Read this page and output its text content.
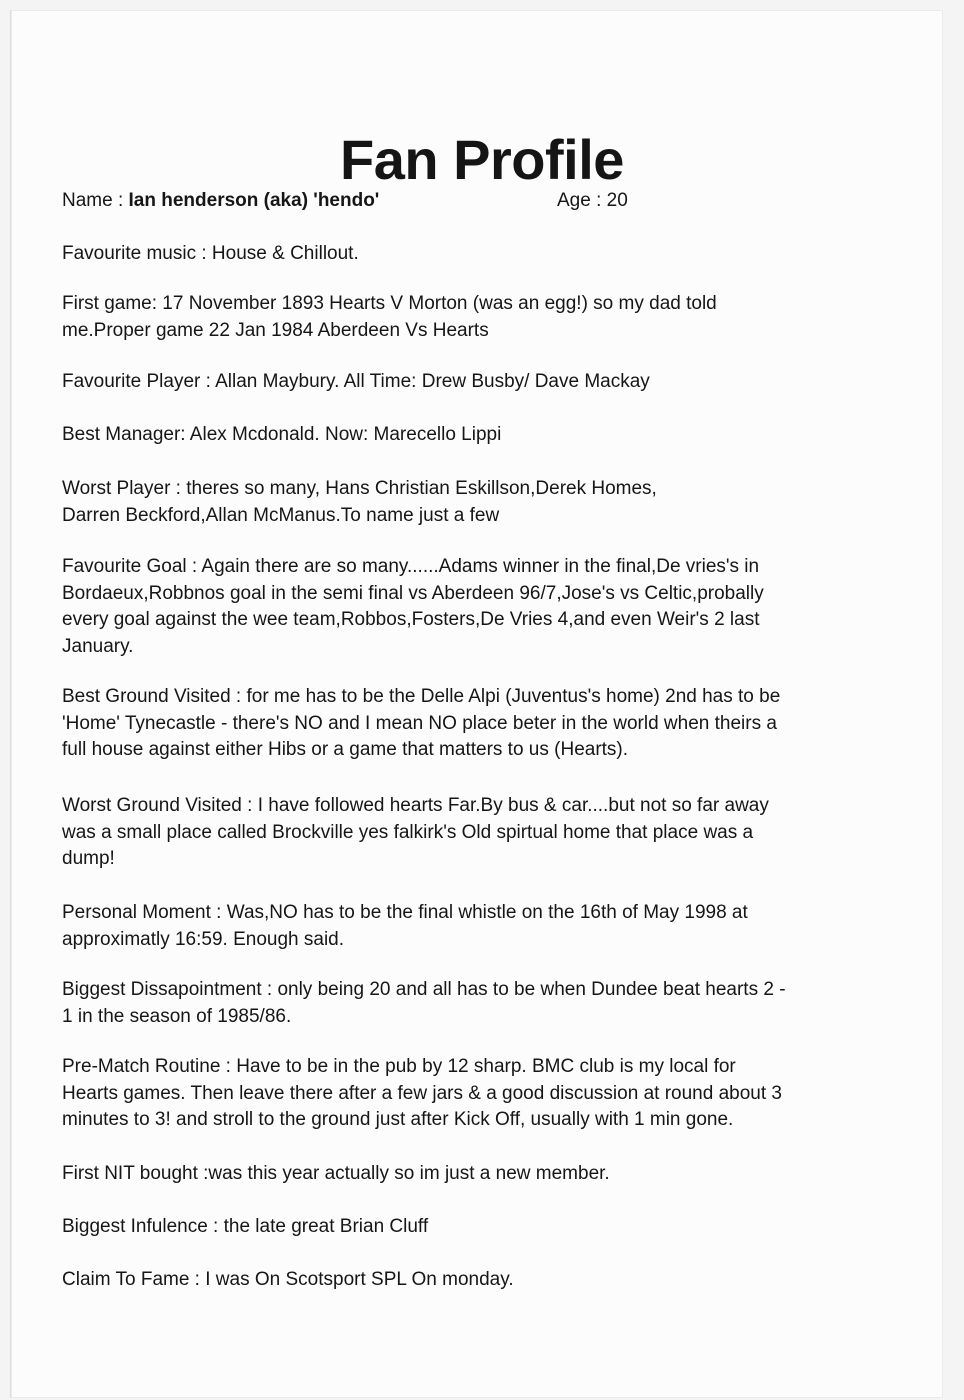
Fan Profile
Name : Ian henderson (aka) 'hendo'	Age : 20
Favourite music : House & Chillout.
First game: 17 November 1893 Hearts V Morton (was an egg!) so my dad told
me.Proper game 22 Jan 1984 Aberdeen Vs Hearts
Favourite Player : Allan Maybury. All Time: Drew Busby/ Dave Mackay
Best Manager: Alex Mcdonald. Now: Marecello Lippi
Worst Player : theres so many, Hans Christian Eskillson,Derek Homes,
Darren Beckford,Allan McManus.To name just a few
Favourite Goal : Again there are so many......Adams winner in the final,De vries's in
Bordaeux,Robbnos goal in the semi final vs Aberdeen 96/7,Jose's vs Celtic,probally
every goal against the wee team,Robbos,Fosters,De Vries 4,and even Weir's 2 last
January.
Best Ground Visited : for me has to be the Delle Alpi (Juventus's home) 2nd has to be
'Home' Tynecastle - there's NO and I mean NO place beter in the world when theirs a
full house against either Hibs or a game that matters to us (Hearts).
Worst Ground Visited : I have followed hearts Far.By bus & car....but not so far away
was a small place called Brockville yes falkirk's Old spirtual home that place was a
dump!
Personal Moment : Was,NO has to be the final whistle on the 16th of May 1998 at
approximatly 16:59. Enough said.
Biggest Dissapointment : only being 20 and all has to be when Dundee beat hearts 2 -
1 in the season of 1985/86.
Pre-Match Routine : Have to be in the pub by 12 sharp. BMC club is my local for
Hearts games. Then leave there after a few jars & a good discussion at round about 3
minutes to 3! and stroll to the ground just after Kick Off, usually with 1 min gone.
First NIT bought :was this year actually so im just a new member.
Biggest Infulence : the late great Brian Cluff
Claim To Fame : I was On Scotsport SPL On monday.
